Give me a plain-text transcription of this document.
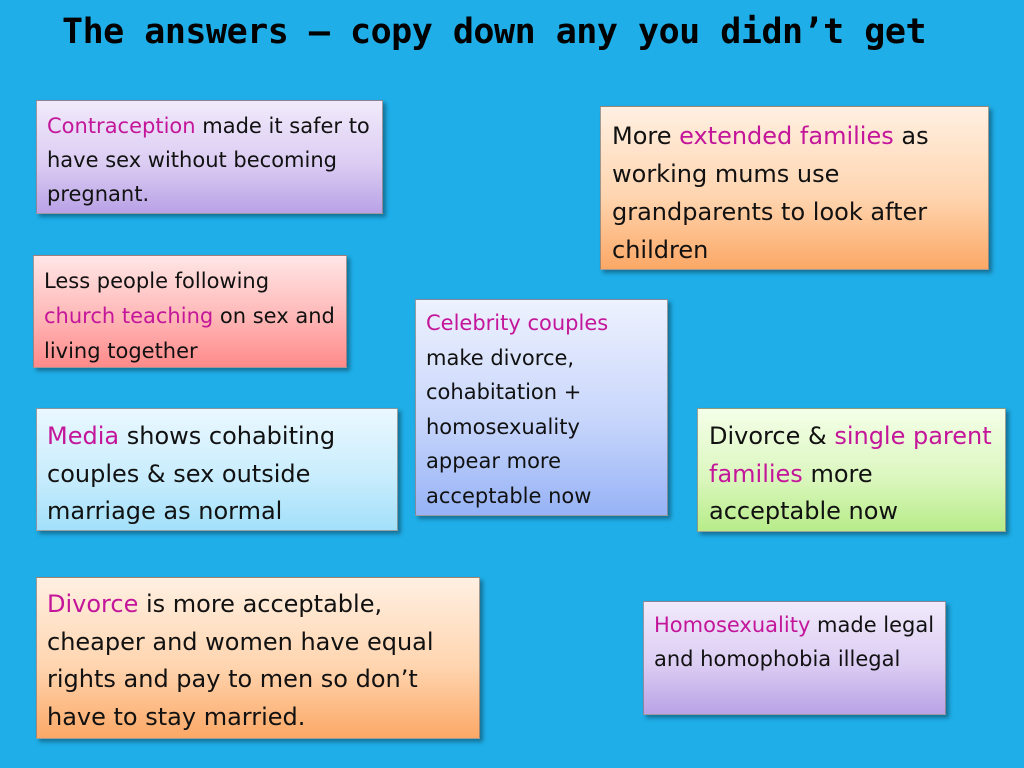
The answers – copy down any you didn’t get
Contraception made it safer to have sex without becoming pregnant.
More extended families as working mums use grandparents to look after children
Less people following church teaching on sex and living together
Celebrity couples make divorce, cohabitation + homosexuality appear more acceptable now
Media shows cohabiting couples & sex outside marriage as normal
Divorce & single parent families more acceptable now
Divorce is more acceptable, cheaper and women have equal rights and pay to men so don’t have to stay married.
Homosexuality made legal and homophobia illegal
